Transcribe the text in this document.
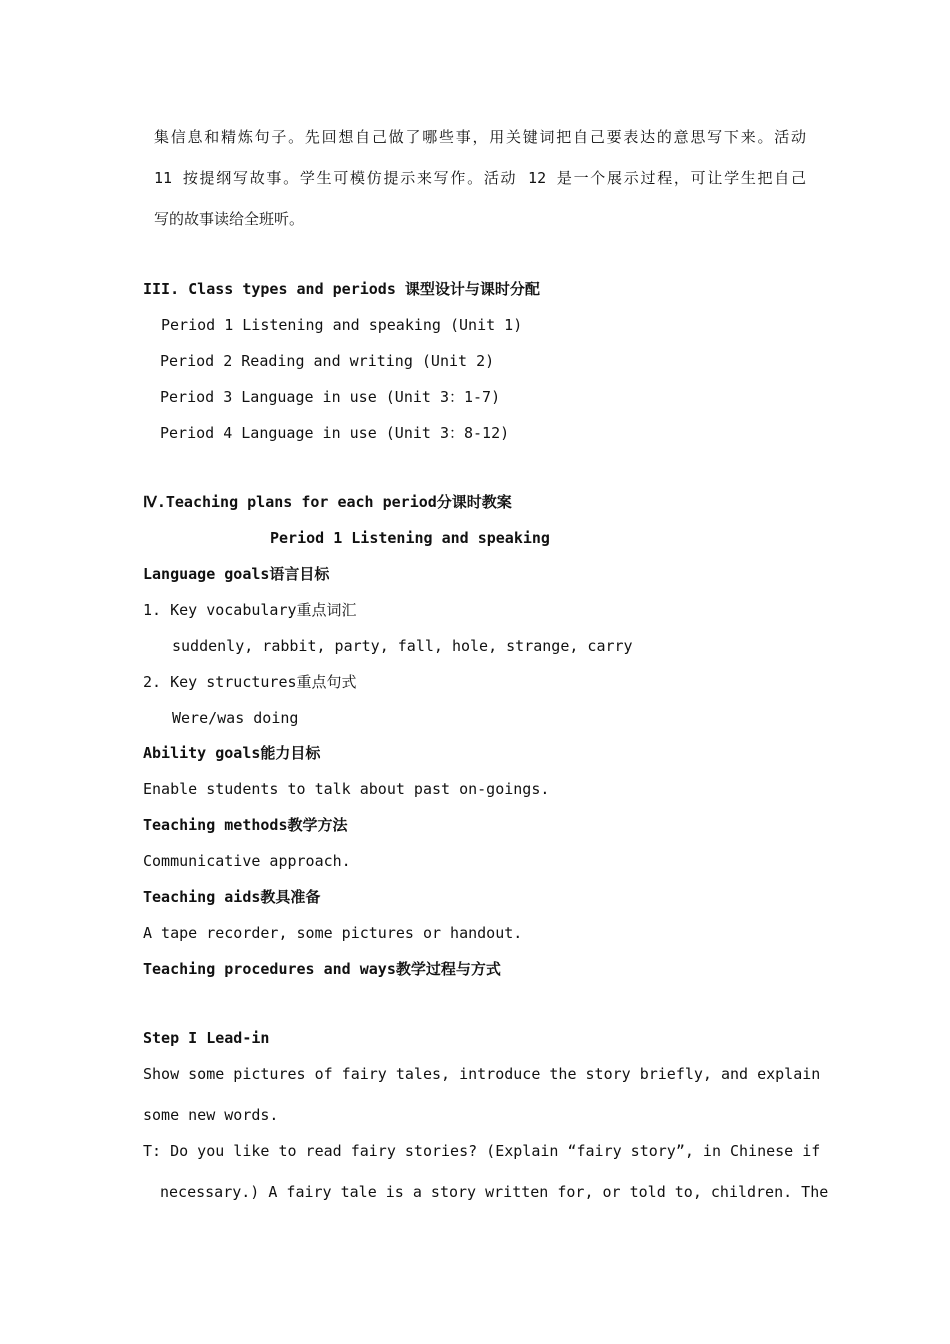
集信息和精炼句子。先回想自己做了哪些事，用关键词把自己要表达的意思写下来。活动
11 按提纲写故事。学生可模仿提示来写作。活动 12 是一个展示过程，可让学生把自己
写的故事读给全班听。
III. Class types and periods 课型设计与课时分配
Period 1 Listening and speaking (Unit 1)
Period 2 Reading and writing (Unit 2)
Period 3 Language in use (Unit 3：1-7)
Period 4 Language in use (Unit 3：8-12)
Ⅳ.Teaching plans for each period分课时教案
Period 1 Listening and speaking
Language goals语言目标
1. Key vocabulary重点词汇
suddenly, rabbit, party, fall, hole, strange, carry
2. Key structures重点句式
Were/was doing
Ability goals能力目标
Enable students to talk about past on-goings.
Teaching methods教学方法
Communicative approach.
Teaching aids教具准备
A tape recorder, some pictures or handout.
Teaching procedures and ways教学过程与方式
Step I Lead-in
Show some pictures of fairy tales, introduce the story briefly, and explain
some new words.
T: Do you like to read fairy stories? (Explain “fairy story”, in Chinese if
necessary.) A fairy tale is a story written for, or told to, children. The
